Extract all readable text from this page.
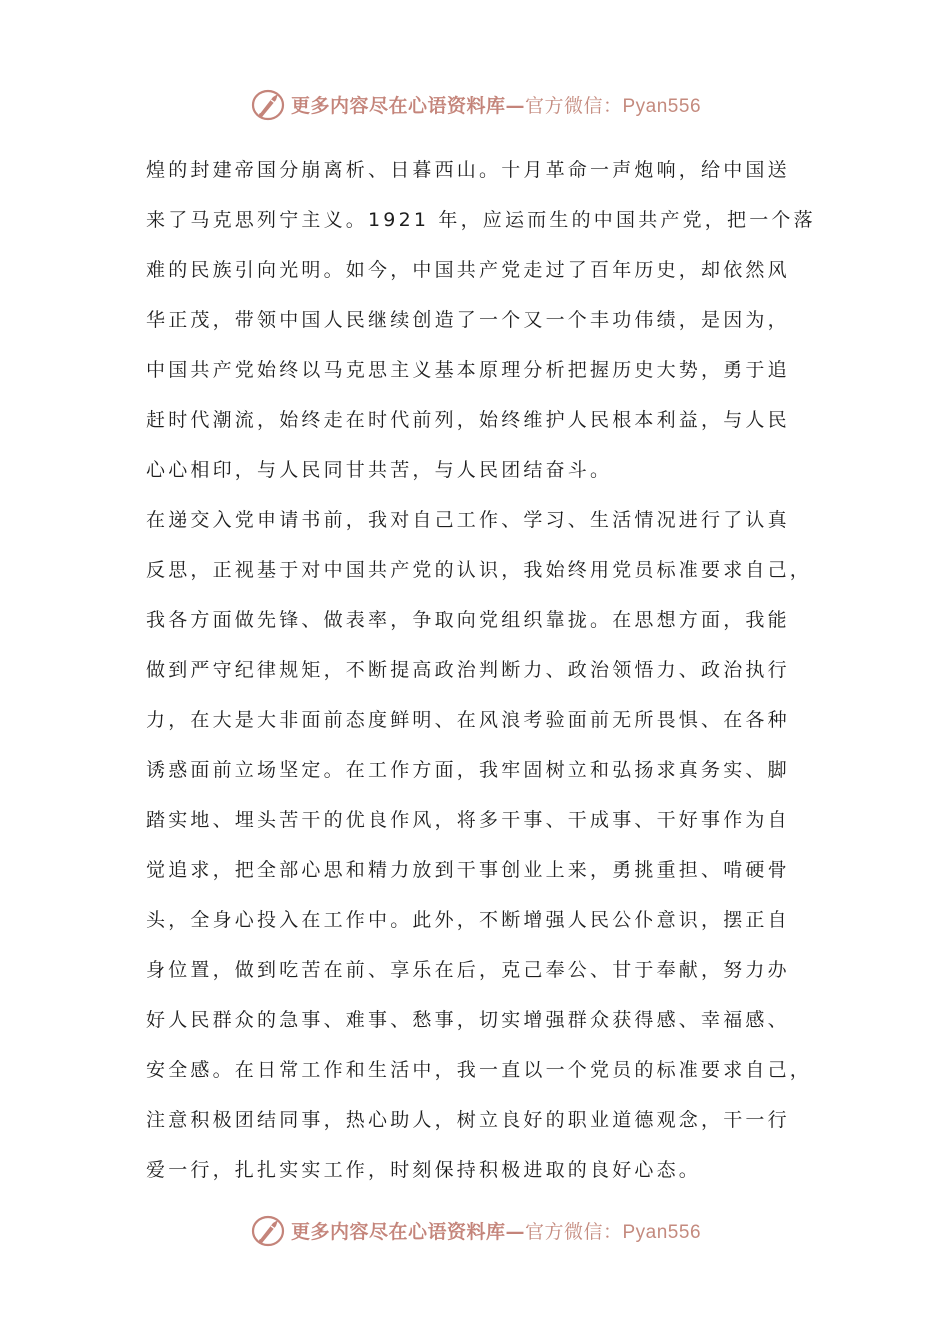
更多内容尽在心语资料库—官方微信：Pyan556
煌的封建帝国分崩离析、日暮西山。十月革命一声炮响，给中国送
来了马克思列宁主义。1921 年，应运而生的中国共产党，把一个落
难的民族引向光明。如今，中国共产党走过了百年历史，却依然风
华正茂，带领中国人民继续创造了一个又一个丰功伟绩，是因为，
中国共产党始终以马克思主义基本原理分析把握历史大势，勇于追
赶时代潮流，始终走在时代前列，始终维护人民根本利益，与人民
心心相印，与人民同甘共苦，与人民团结奋斗。
在递交入党申请书前，我对自己工作、学习、生活情况进行了认真
反思，正视基于对中国共产党的认识，我始终用党员标准要求自己，
我各方面做先锋、做表率，争取向党组织靠拢。在思想方面，我能
做到严守纪律规矩，不断提高政治判断力、政治领悟力、政治执行
力，在大是大非面前态度鲜明、在风浪考验面前无所畏惧、在各种
诱惑面前立场坚定。在工作方面，我牢固树立和弘扬求真务实、脚
踏实地、埋头苦干的优良作风，将多干事、干成事、干好事作为自
觉追求，把全部心思和精力放到干事创业上来，勇挑重担、啃硬骨
头，全身心投入在工作中。此外，不断增强人民公仆意识，摆正自
身位置，做到吃苦在前、享乐在后，克己奉公、甘于奉献，努力办
好人民群众的急事、难事、愁事，切实增强群众获得感、幸福感、
安全感。在日常工作和生活中，我一直以一个党员的标准要求自己，
注意积极团结同事，热心助人，树立良好的职业道德观念，干一行
爱一行，扎扎实实工作，时刻保持积极进取的良好心态。
更多内容尽在心语资料库—官方微信：Pyan556
